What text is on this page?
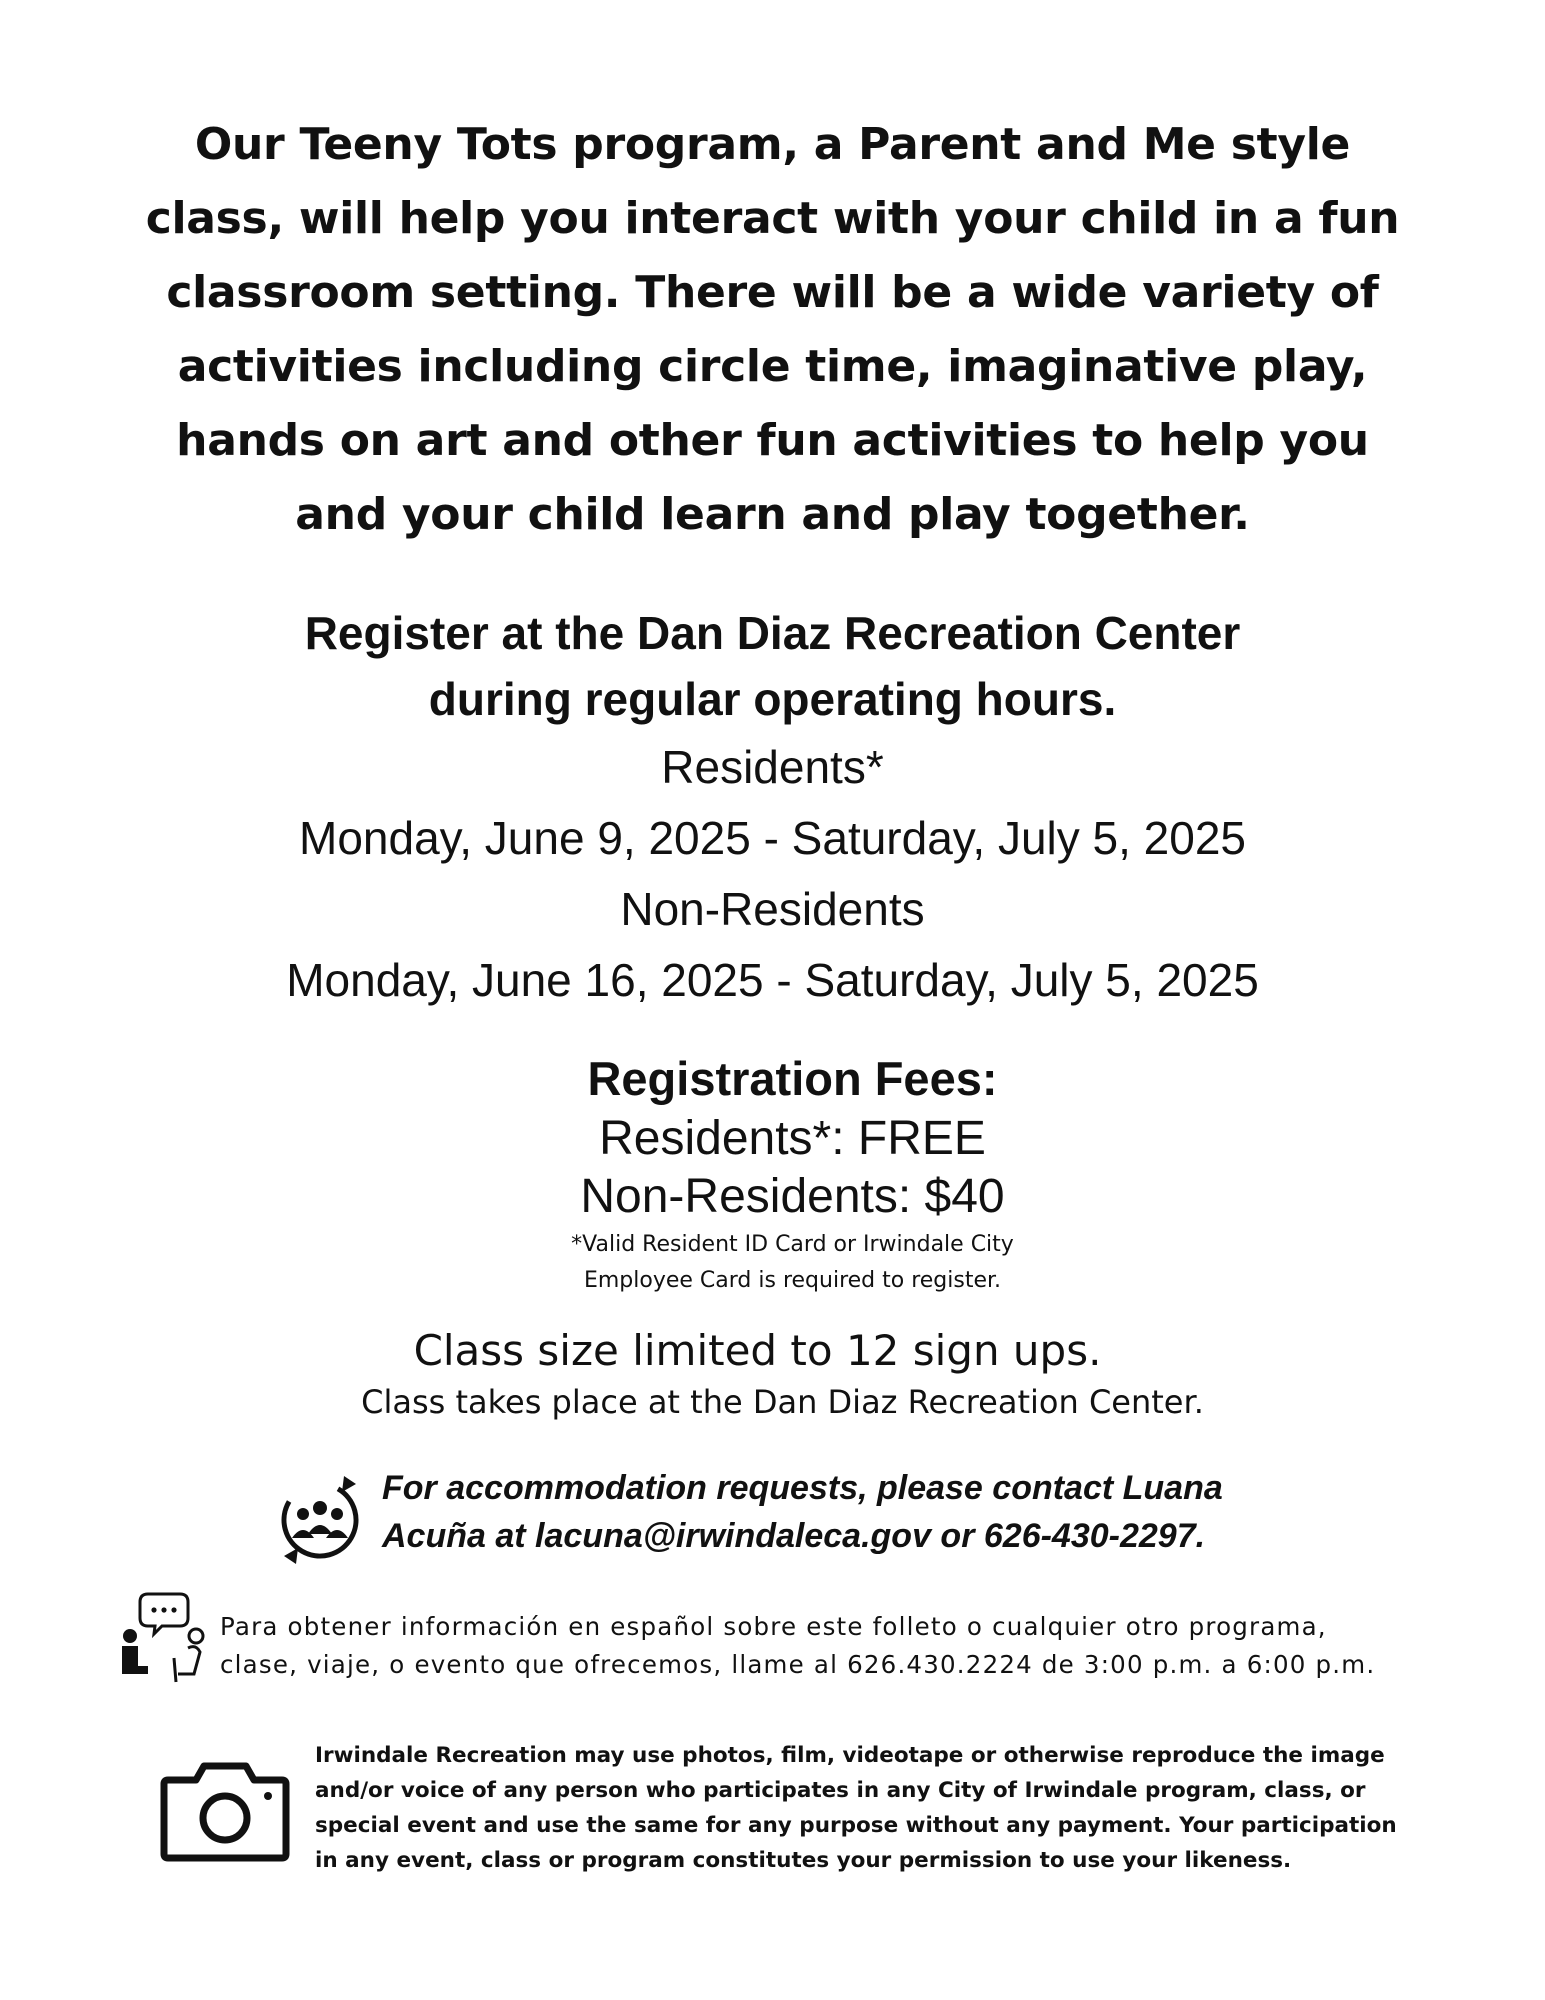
Our Teeny Tots program, a Parent and Me style
class, will help you interact with your child in a fun
classroom setting. There will be a wide variety of
activities including circle time, imaginative play,
hands on art and other fun activities to help you
and your child learn and play together.
Register at the Dan Diaz Recreation Center
during regular operating hours.
Residents*
Monday, June 9, 2025 - Saturday, July 5, 2025
Non-Residents
Monday, June 16, 2025 - Saturday, July 5, 2025
Registration Fees:
Residents*: FREE
Non-Residents: $40
*Valid Resident ID Card or Irwindale City
Employee Card is required to register.
Class size limited to 12 sign ups.
Class takes place at the Dan Diaz Recreation Center.
For accommodation requests, please contact Luana
Acuña at lacuna@irwindaleca.gov or 626-430-2297.
Para obtener información en español sobre este folleto o cualquier otro programa,
clase, viaje, o evento que ofrecemos, llame al 626.430.2224 de 3:00 p.m. a 6:00 p.m.
Irwindale Recreation may use photos, film, videotape or otherwise reproduce the image
and/or voice of any person who participates in any City of Irwindale program, class, or
special event and use the same for any purpose without any payment. Your participation
in any event, class or program constitutes your permission to use your likeness.
